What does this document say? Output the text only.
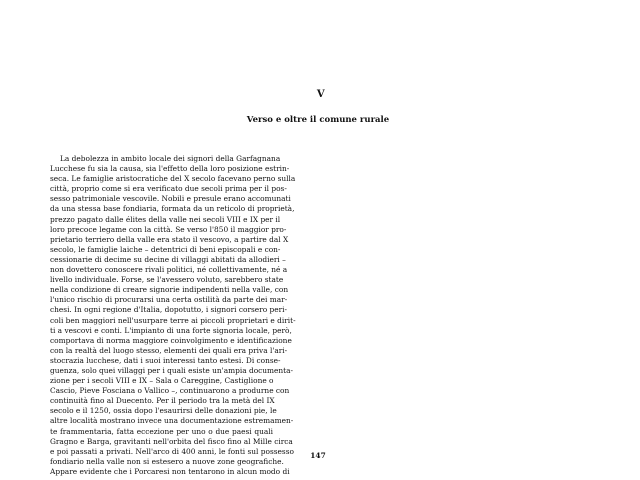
V
Verso e oltre il comune rurale
La debolezza in ambito locale dei signori della Garfagnana
Lucchese fu sia la causa, sia l'effetto della loro posizione estrin-
seca. Le famiglie aristocratiche del X secolo facevano perno sulla
città, proprio come si era verificato due secoli prima per il pos-
sesso patrimoniale vescovile. Nobili e presule erano accomunati
da una stessa base fondiaria, formata da un reticolo di proprietà,
prezzo pagato dalle élites della valle nei secoli VIII e IX per il
loro precoce legame con la città. Se verso l'850 il maggior pro-
prietario terriero della valle era stato il vescovo, a partire dal X
secolo, le famiglie laiche – detentrici di beni episcopali e con-
cessionarie di decime su decine di villaggi abitati da allodieri –
non dovettero conoscere rivali politici, né collettivamente, né a
livello individuale. Forse, se l'avessero voluto, sarebbero state
nella condizione di creare signorie indipendenti nella valle, con
l'unico rischio di procurarsi una certa ostilità da parte dei mar-
chesi. In ogni regione d'Italia, dopotutto, i signori corsero peri-
coli ben maggiori nell'usurpare terre ai piccoli proprietari e dirit-
ti a vescovi e conti. L'impianto di una forte signoria locale, però,
comportava di norma maggiore coinvolgimento e identificazione
con la realtà del luogo stesso, elementi dei quali era priva l'ari-
stocrazia lucchese, dati i suoi interessi tanto estesi. Di conse-
guenza, solo quei villaggi per i quali esiste un'ampia documenta-
zione per i secoli VIII e IX – Sala o Careggine, Castiglione o
Cascio, Pieve Fosciana o Vallico –, continuarono a produrne con
continuità fino al Duecento. Per il periodo tra la metà del IX
secolo e il 1250, ossia dopo l'esaurirsi delle donazioni pie, le
altre località mostrano invece una documentazione estremamen-
te frammentaria, fatta eccezione per uno o due paesi quali
Gragno e Barga, gravitanti nell'orbita del fisco fino al Mille circa
e poi passati a privati. Nell'arco di 400 anni, le fonti sul possesso
fondiario nella valle non si estesero a nuove zone geografiche.
Appare evidente che i Porcaresi non tentarono in alcun modo di
147
